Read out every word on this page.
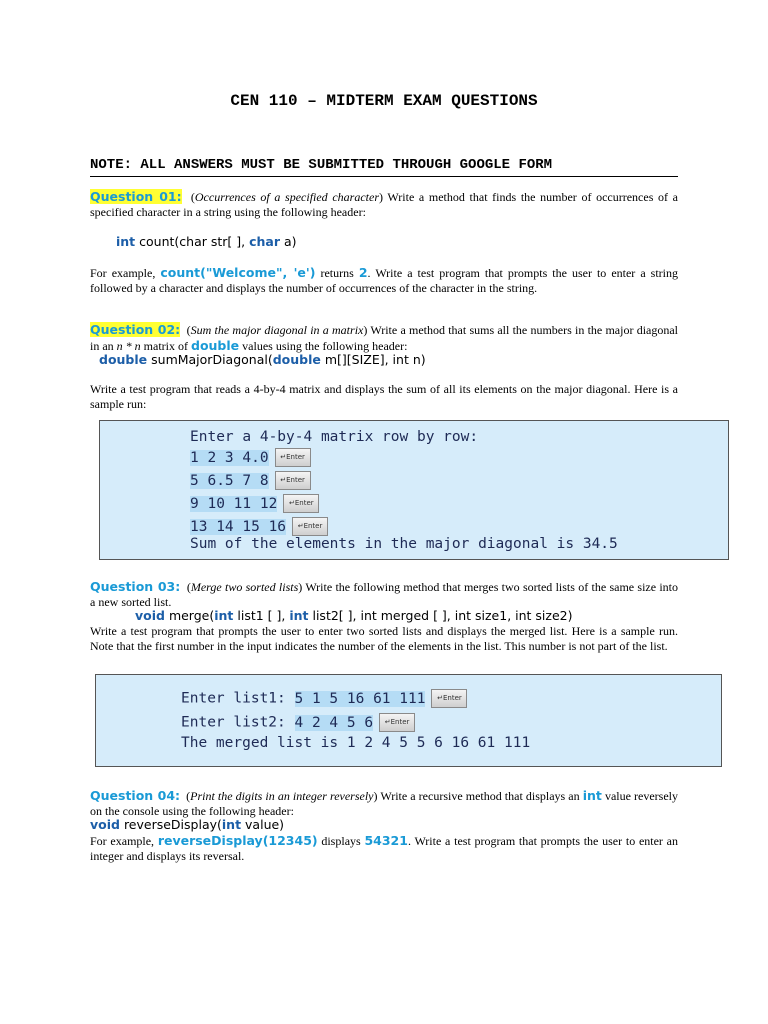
CEN 110 – MIDTERM EXAM QUESTIONS
NOTE: ALL ANSWERS MUST BE SUBMITTED THROUGH GOOGLE FORM
Question 01:  (Occurrences of a specified character) Write a method that finds the number of occurrences of a specified character in a string using the following header:
int count(char str[ ], char a)
For example, count("Welcome", 'e') returns 2. Write a test program that prompts the user to enter a string followed by a character and displays the number of occurrences of the character in the string.
Question 02:  (Sum the major diagonal in a matrix) Write a method that sums all the numbers in the major diagonal in an n * n matrix of double values using the following header:
double sumMajorDiagonal(double m[][SIZE], int n)
Write a test program that reads a 4-by-4 matrix and displays the sum of all its elements on the major diagonal. Here is a sample run:
Enter a 4-by-4 matrix row by row:
1 2 3 4.0 ↵Enter
5 6.5 7 8 ↵Enter
9 10 11 12 ↵Enter
13 14 15 16 ↵Enter
Sum of the elements in the major diagonal is 34.5
Question 03:  (Merge two sorted lists) Write the following method that merges two sorted lists of the same size into a new sorted list.
void merge(int list1 [ ], int list2[ ], int merged [ ], int size1, int size2)
Write a test program that prompts the user to enter two sorted lists and displays the merged list. Here is a sample run. Note that the first number in the input indicates the number of the elements in the list. This number is not part of the list.
Enter list1: 5 1 5 16 61 111 ↵Enter
Enter list2: 4 2 4 5 6 ↵Enter
The merged list is 1 2 4 5 5 6 16 61 111
Question 04:  (Print the digits in an integer reversely) Write a recursive method that displays an int value reversely on the console using the following header:
void reverseDisplay(int value)
For example, reverseDisplay(12345) displays 54321. Write a test program that prompts the user to enter an integer and displays its reversal.
